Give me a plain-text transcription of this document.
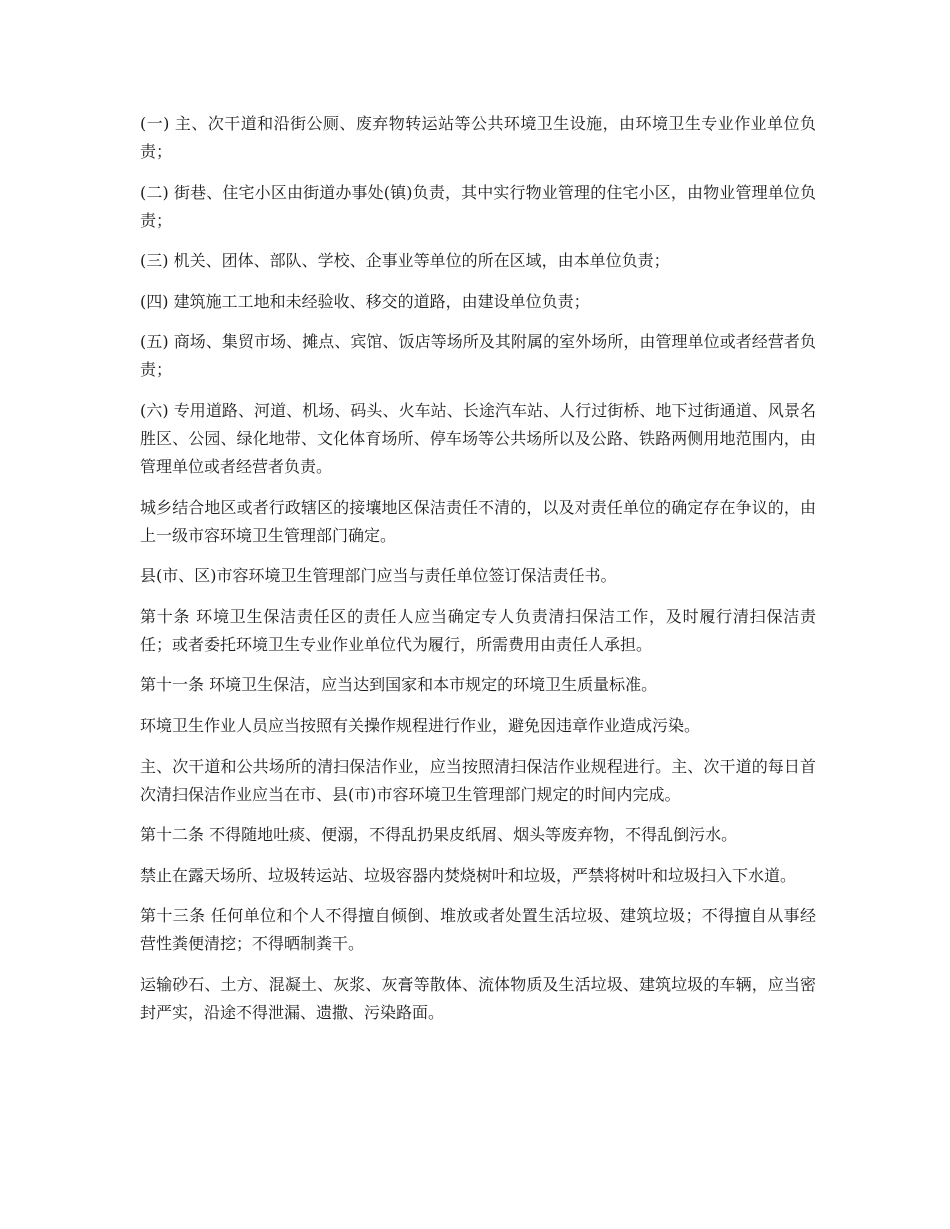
(一) 主、次干道和沿街公厕、废弃物转运站等公共环境卫生设施，由环境卫生专业作业单位负责；

(二) 街巷、住宅小区由街道办事处(镇)负责，其中实行物业管理的住宅小区，由物业管理单位负责；

(三) 机关、团体、部队、学校、企事业等单位的所在区域，由本单位负责；

(四) 建筑施工工地和未经验收、移交的道路，由建设单位负责；

(五) 商场、集贸市场、摊点、宾馆、饭店等场所及其附属的室外场所，由管理单位或者经营者负责；

(六) 专用道路、河道、机场、码头、火车站、长途汽车站、人行过街桥、地下过街通道、风景名胜区、公园、绿化地带、文化体育场所、停车场等公共场所以及公路、铁路两侧用地范围内，由管理单位或者经营者负责。

城乡结合地区或者行政辖区的接壤地区保洁责任不清的，以及对责任单位的确定存在争议的，由上一级市容环境卫生管理部门确定。

县(市、区)市容环境卫生管理部门应当与责任单位签订保洁责任书。

第十条 环境卫生保洁责任区的责任人应当确定专人负责清扫保洁工作，及时履行清扫保洁责任；或者委托环境卫生专业作业单位代为履行，所需费用由责任人承担。

第十一条 环境卫生保洁，应当达到国家和本市规定的环境卫生质量标准。

环境卫生作业人员应当按照有关操作规程进行作业，避免因违章作业造成污染。

主、次干道和公共场所的清扫保洁作业，应当按照清扫保洁作业规程进行。主、次干道的每日首次清扫保洁作业应当在市、县(市)市容环境卫生管理部门规定的时间内完成。

第十二条 不得随地吐痰、便溺，不得乱扔果皮纸屑、烟头等废弃物，不得乱倒污水。

禁止在露天场所、垃圾转运站、垃圾容器内焚烧树叶和垃圾，严禁将树叶和垃圾扫入下水道。

第十三条 任何单位和个人不得擅自倾倒、堆放或者处置生活垃圾、建筑垃圾；不得擅自从事经营性粪便清挖；不得晒制粪干。

运输砂石、土方、混凝土、灰浆、灰膏等散体、流体物质及生活垃圾、建筑垃圾的车辆，应当密封严实，沿途不得泄漏、遗撒、污染路面。
